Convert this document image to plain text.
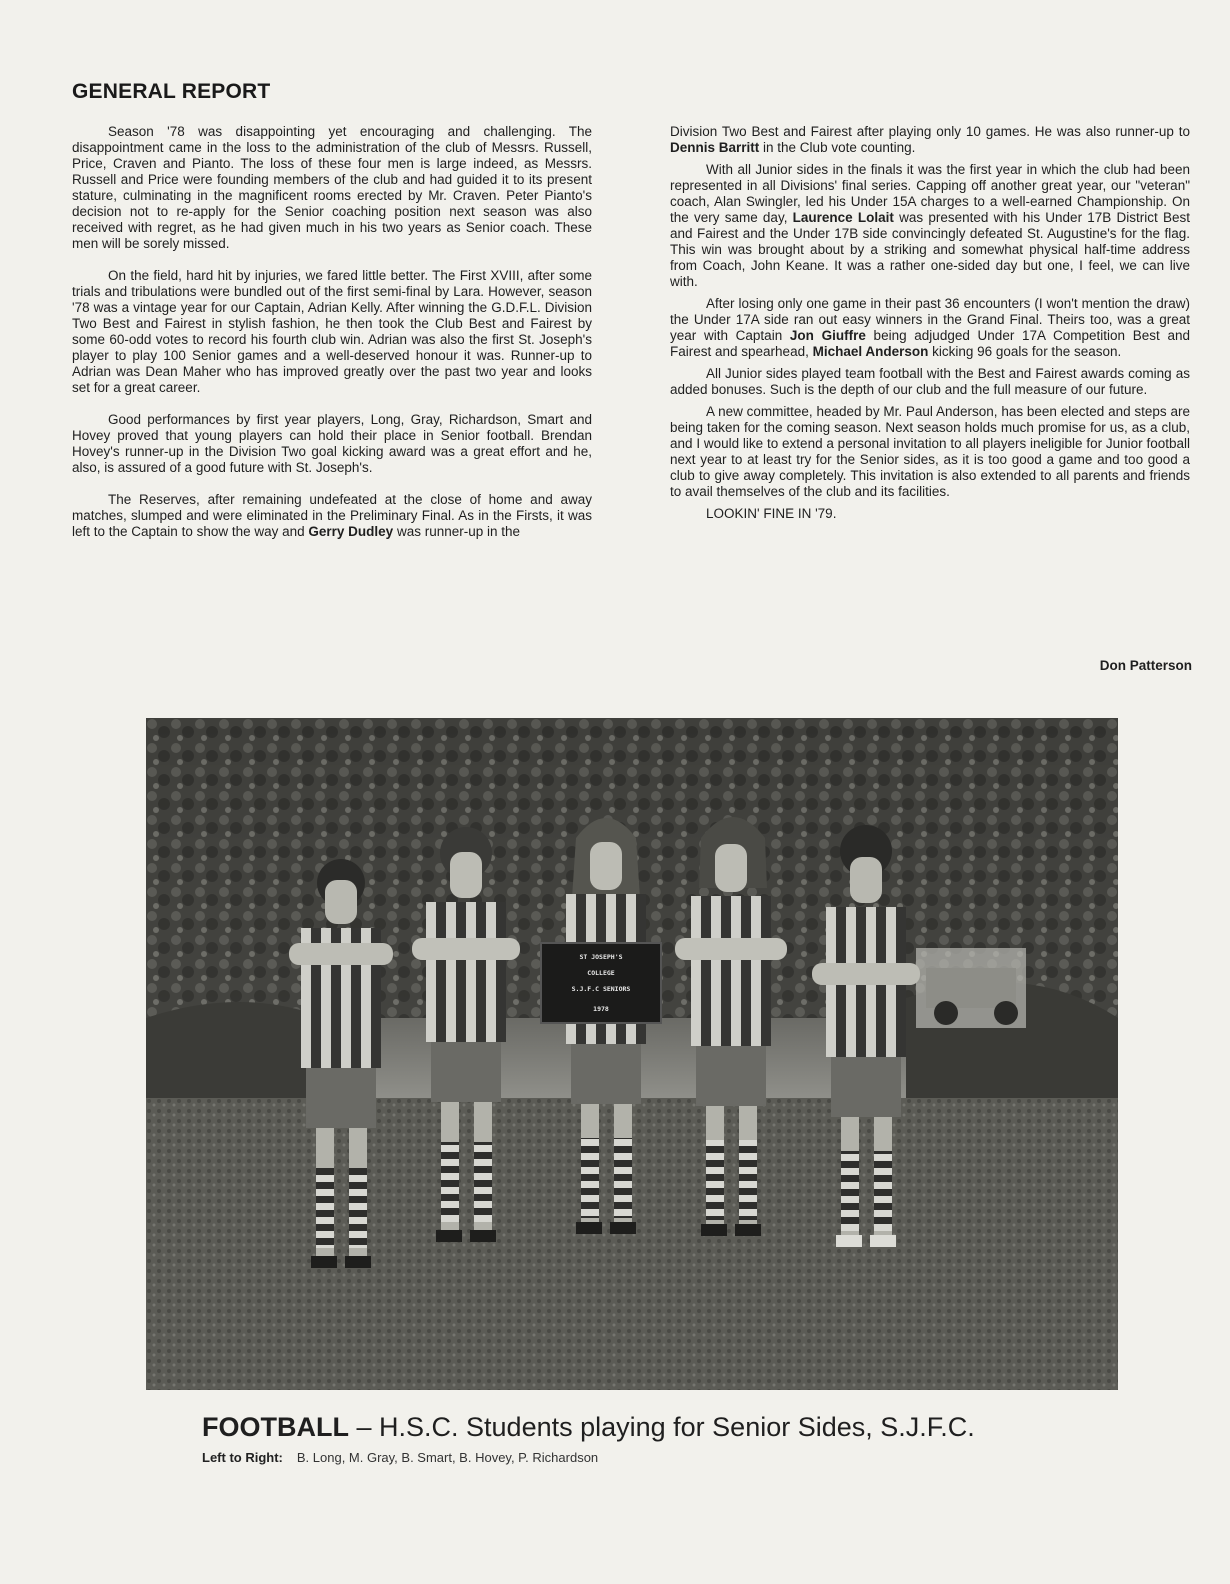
GENERAL REPORT

Season '78 was disappointing yet encouraging and challenging. The disappointment came in the loss to the administration of the club of Messrs. Russell, Price, Craven and Pianto. The loss of these four men is large indeed, as Messrs. Russell and Price were founding members of the club and had guided it to its present stature, culminating in the magnificent rooms erected by Mr. Craven. Peter Pianto's decision not to re-apply for the Senior coaching position next season was also received with regret, as he had given much in his two years as Senior coach. These men will be sorely missed.

On the field, hard hit by injuries, we fared little better. The First XVIII, after some trials and tribulations were bundled out of the first semi-final by Lara. However, season '78 was a vintage year for our Captain, Adrian Kelly. After winning the G.D.F.L. Division Two Best and Fairest in stylish fashion, he then took the Club Best and Fairest by some 60-odd votes to record his fourth club win. Adrian was also the first St. Joseph's player to play 100 Senior games and a well-deserved honour it was. Runner-up to Adrian was Dean Maher who has improved greatly over the past two year and looks set for a great career.

Good performances by first year players, Long, Gray, Richardson, Smart and Hovey proved that young players can hold their place in Senior football. Brendan Hovey's runner-up in the Division Two goal kicking award was a great effort and he, also, is assured of a good future with St. Joseph's.

The Reserves, after remaining undefeated at the close of home and away matches, slumped and were eliminated in the Preliminary Final. As in the Firsts, it was left to the Captain to show the way and Gerry Dudley was runner-up in the

Division Two Best and Fairest after playing only 10 games. He was also runner-up to Dennis Barritt in the Club vote counting.

With all Junior sides in the finals it was the first year in which the club had been represented in all Divisions' final series. Capping off another great year, our "veteran" coach, Alan Swingler, led his Under 15A charges to a well-earned Championship. On the very same day, Laurence Lolait was presented with his Under 17B District Best and Fairest and the Under 17B side convincingly defeated St. Augustine's for the flag. This win was brought about by a striking and somewhat physical half-time address from Coach, John Keane. It was a rather one-sided day but one, I feel, we can live with.

After losing only one game in their past 36 encounters (I won't mention the draw) the Under 17A side ran out easy winners in the Grand Final. Theirs too, was a great year with Captain Jon Giuffre being adjudged Under 17A Competition Best and Fairest and spearhead, Michael Anderson kicking 96 goals for the season.

All Junior sides played team football with the Best and Fairest awards coming as added bonuses. Such is the depth of our club and the full measure of our future.

A new committee, headed by Mr. Paul Anderson, has been elected and steps are being taken for the coming season. Next season holds much promise for us, as a club, and I would like to extend a personal invitation to all players ineligible for Junior football next year to at least try for the Senior sides, as it is too good a game and too good a club to give away completely. This invitation is also extended to all parents and friends to avail themselves of the club and its facilities.

LOOKIN' FINE IN '79.

Don Patterson
ST JOSEPH'S
COLLEGE
S.J.F.C SENIORS
1978
FOOTBALL – H.S.C. Students playing for Senior Sides, S.J.F.C.
Left to Right: B. Long, M. Gray, B. Smart, B. Hovey, P. Richardson
